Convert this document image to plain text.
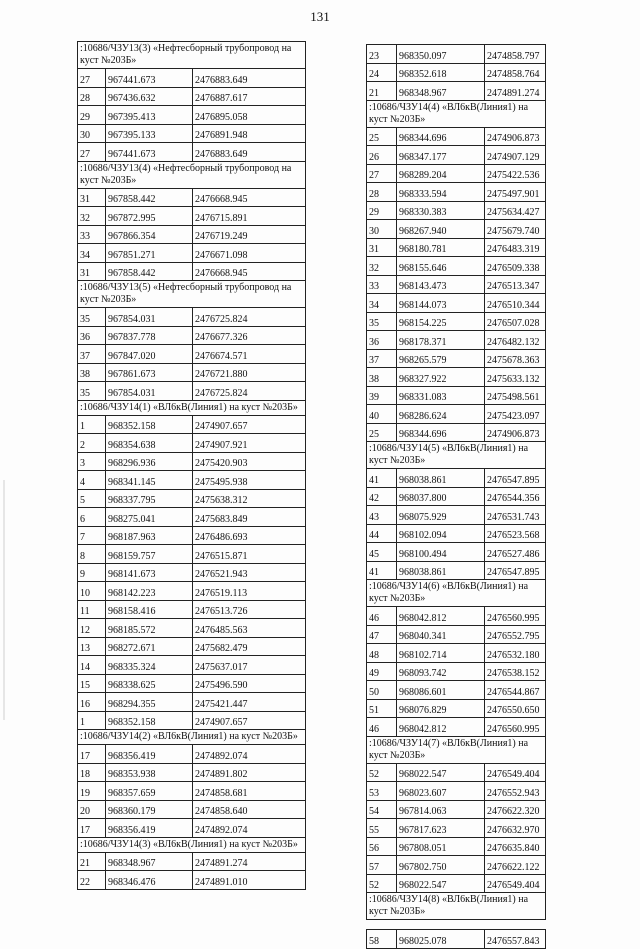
131
:10686/ЧЗУ13(3) «Нефтесборный трубопровод на куст №203Б»		
27	967441.673	2476883.649
28	967436.632	2476887.617
29	967395.413	2476895.058
30	967395.133	2476891.948
27	967441.673	2476883.649
:10686/ЧЗУ13(4) «Нефтесборный трубопровод на куст №203Б»		
31	967858.442	2476668.945
32	967872.995	2476715.891
33	967866.354	2476719.249
34	967851.271	2476671.098
31	967858.442	2476668.945
:10686/ЧЗУ13(5) «Нефтесборный трубопровод на куст №203Б»		
35	967854.031	2476725.824
36	967837.778	2476677.326
37	967847.020	2476674.571
38	967861.673	2476721.880
35	967854.031	2476725.824
:10686/ЧЗУ14(1) «ВЛ6кВ(Линия1) на куст №203Б»		
1	968352.158	2474907.657
2	968354.638	2474907.921
3	968296.936	2475420.903
4	968341.145	2475495.938
5	968337.795	2475638.312
6	968275.041	2475683.849
7	968187.963	2476486.693
8	968159.757	2476515.871
9	968141.673	2476521.943
10	968142.223	2476519.113
11	968158.416	2476513.726
12	968185.572	2476485.563
13	968272.671	2475682.479
14	968335.324	2475637.017
15	968338.625	2475496.590
16	968294.355	2475421.447
1	968352.158	2474907.657
:10686/ЧЗУ14(2) «ВЛ6кВ(Линия1) на куст №203Б»		
17	968356.419	2474892.074
18	968353.938	2474891.802
19	968357.659	2474858.681
20	968360.179	2474858.640
17	968356.419	2474892.074
:10686/ЧЗУ14(3) «ВЛ6кВ(Линия1) на куст №203Б»		
21	968348.967	2474891.274
22	968346.476	2474891.010
23	968350.097	2474858.797
24	968352.618	2474858.764
21	968348.967	2474891.274
:10686/ЧЗУ14(4) «ВЛ6кВ(Линия1) на куст №203Б»		
25	968344.696	2474906.873
26	968347.177	2474907.129
27	968289.204	2475422.536
28	968333.594	2475497.901
29	968330.383	2475634.427
30	968267.940	2475679.740
31	968180.781	2476483.319
32	968155.646	2476509.338
33	968143.473	2476513.347
34	968144.073	2476510.344
35	968154.225	2476507.028
36	968178.371	2476482.132
37	968265.579	2475678.363
38	968327.922	2475633.132
39	968331.083	2475498.561
40	968286.624	2475423.097
25	968344.696	2474906.873
:10686/ЧЗУ14(5) «ВЛ6кВ(Линия1) на куст №203Б»		
41	968038.861	2476547.895
42	968037.800	2476544.356
43	968075.929	2476531.743
44	968102.094	2476523.568
45	968100.494	2476527.486
41	968038.861	2476547.895
:10686/ЧЗУ14(6) «ВЛ6кВ(Линия1) на куст №203Б»		
46	968042.812	2476560.995
47	968040.341	2476552.795
48	968102.714	2476532.180
49	968093.742	2476538.152
50	968086.601	2476544.867
51	968076.829	2476550.650
46	968042.812	2476560.995
:10686/ЧЗУ14(7) «ВЛ6кВ(Линия1) на куст №203Б»		
52	968022.547	2476549.404
53	968023.607	2476552.943
54	967814.063	2476622.320
55	967817.623	2476632.970
56	967808.051	2476635.840
57	967802.750	2476622.122
52	968022.547	2476549.404
:10686/ЧЗУ14(8) «ВЛ6кВ(Линия1) на куст №203Б»		

58	968025.078	2476557.843
